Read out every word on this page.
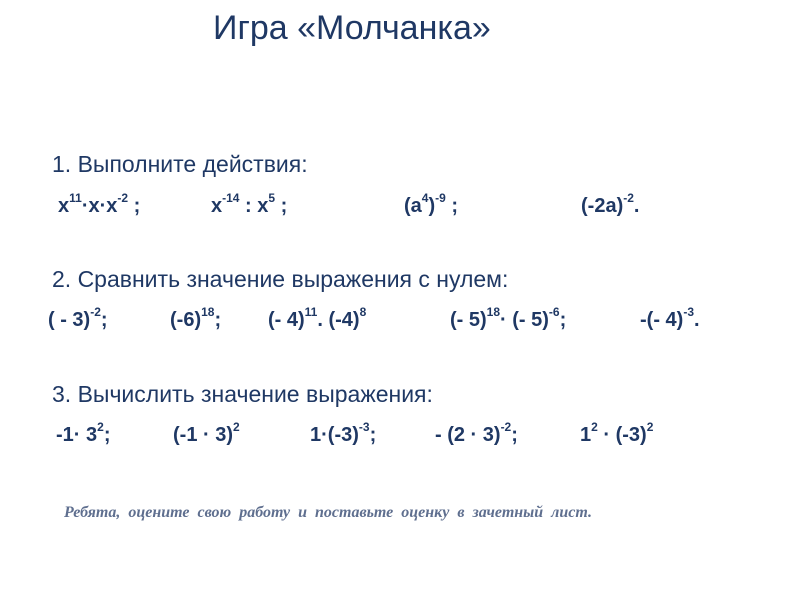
Игра «Молчанка»
1. Выполните действия:
$x^{11}\cdot x\cdot x^{-2}$ ;	$x^{-14}$ : $x^5$ ;	$(a^4)^{-9}$ ;	$(-2a)^{-2}$.
2. Сравнить значение выражения с нулем:
( - 3)$^{-2}$;	$(-6)^{18}$; (- 4)$^{11}$. $(-4)^8$	(- 5)$^{18}$· (- 5)$^{-6}$;	-(- 4)$^{-3}$.
3. Вычислить значение выражения:
$-1\cdot 3^2$;	$(-1 \cdot 3)^2$	$1\cdot(-3)^{-3}$;	- $(2 \cdot 3)^{-2}$;	$1^2 \cdot (-3)^2$
Ребята, оцените свою работу и поставьте оценку в зачетный лист.
